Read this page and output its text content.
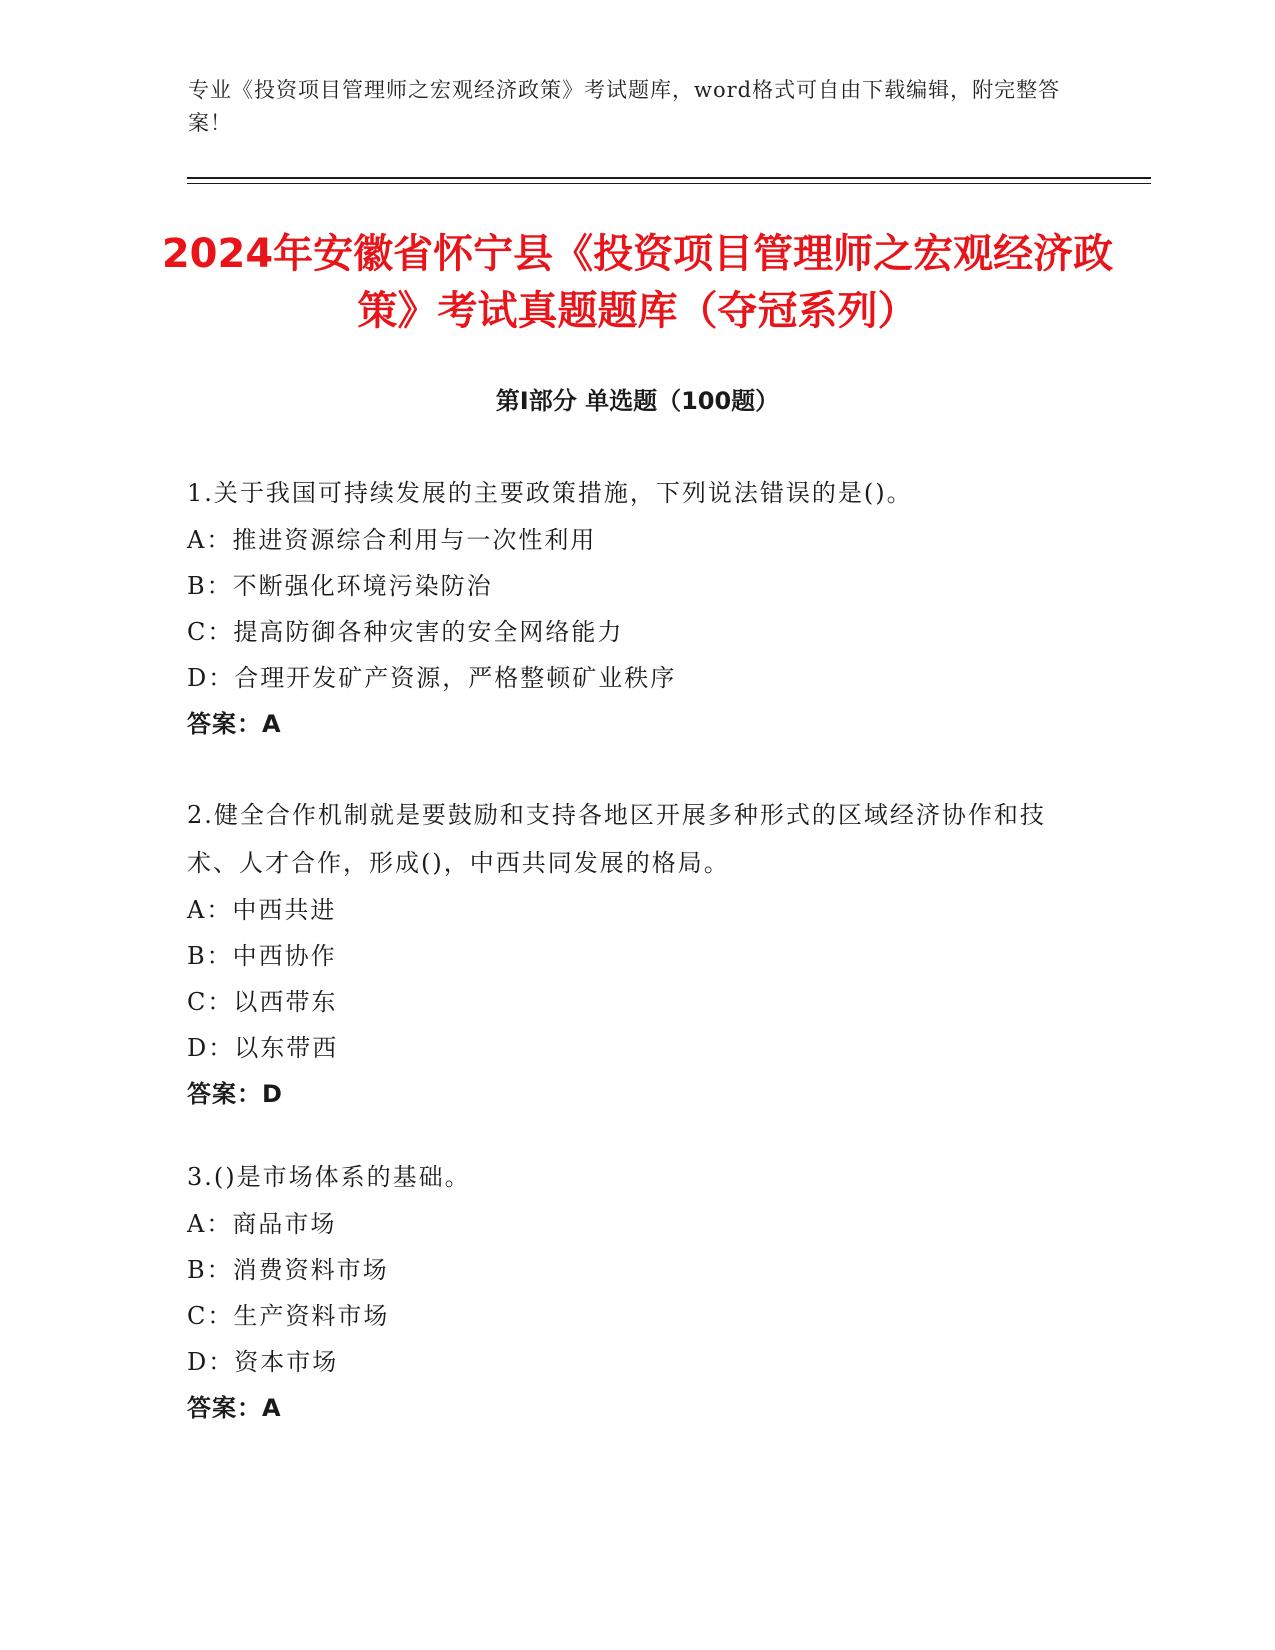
专业《投资项目管理师之宏观经济政策》考试题库，word格式可自由下载编辑，附完整答案！
2024年安徽省怀宁县《投资项目管理师之宏观经济政策》考试真题题库（夺冠系列）
第I部分 单选题（100题）

1.关于我国可持续发展的主要政策措施，下列说法错误的是()。

A：推进资源综合利用与一次性利用
B：不断强化环境污染防治
C：提高防御各种灾害的安全网络能力
D：合理开发矿产资源，严格整顿矿业秩序
答案：A

2.健全合作机制就是要鼓励和支持各地区开展多种形式的区域经济协作和技术、人才合作，形成()，中西共同发展的格局。

A：中西共进
B：中西协作
C：以西带东
D：以东带西
答案：D

3.()是市场体系的基础。

A：商品市场
B：消费资料市场
C：生产资料市场
D：资本市场
答案：A
